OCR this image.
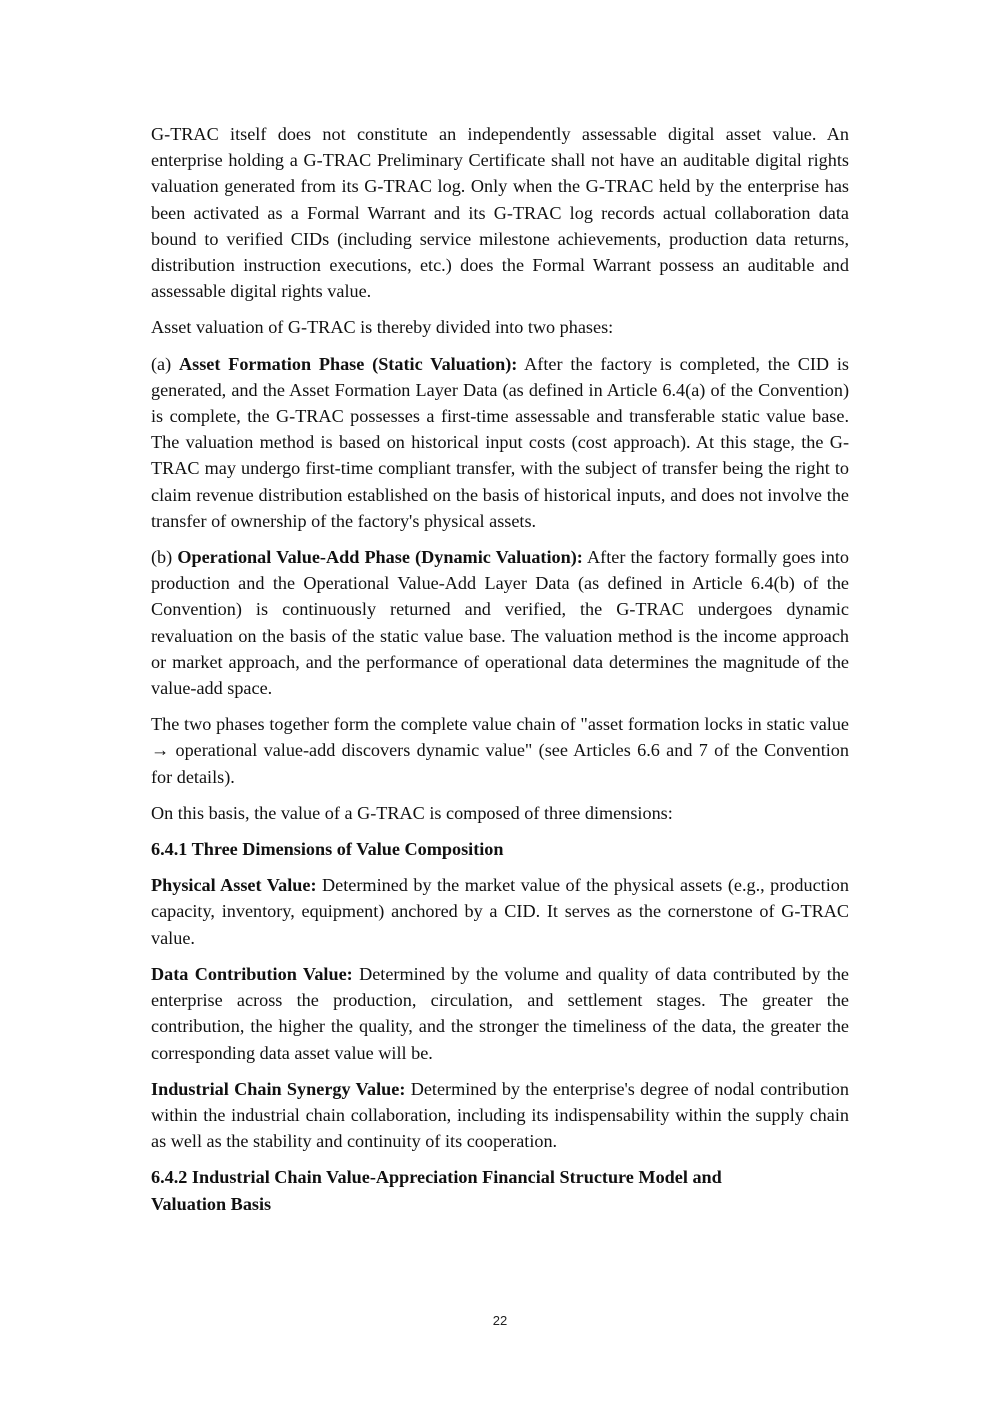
G-TRAC itself does not constitute an independently assessable digital asset value. An enterprise holding a G-TRAC Preliminary Certificate shall not have an auditable digital rights valuation generated from its G-TRAC log. Only when the G-TRAC held by the enterprise has been activated as a Formal Warrant and its G-TRAC log records actual collaboration data bound to verified CIDs (including service milestone achievements, production data returns, distribution instruction executions, etc.) does the Formal Warrant possess an auditable and assessable digital rights value.

Asset valuation of G-TRAC is thereby divided into two phases:

(a) Asset Formation Phase (Static Valuation): After the factory is completed, the CID is generated, and the Asset Formation Layer Data (as defined in Article 6.4(a) of the Convention) is complete, the G-TRAC possesses a first-time assessable and transferable static value base. The valuation method is based on historical input costs (cost approach). At this stage, the G-TRAC may undergo first-time compliant transfer, with the subject of transfer being the right to claim revenue distribution established on the basis of historical inputs, and does not involve the transfer of ownership of the factory's physical assets.

(b) Operational Value-Add Phase (Dynamic Valuation): After the factory formally goes into production and the Operational Value-Add Layer Data (as defined in Article 6.4(b) of the Convention) is continuously returned and verified, the G-TRAC undergoes dynamic revaluation on the basis of the static value base. The valuation method is the income approach or market approach, and the performance of operational data determines the magnitude of the value-add space.

The two phases together form the complete value chain of "asset formation locks in static value → operational value-add discovers dynamic value" (see Articles 6.6 and 7 of the Convention for details).

On this basis, the value of a G-TRAC is composed of three dimensions:

6.4.1 Three Dimensions of Value Composition

Physical Asset Value: Determined by the market value of the physical assets (e.g., production capacity, inventory, equipment) anchored by a CID. It serves as the cornerstone of G-TRAC value.

Data Contribution Value: Determined by the volume and quality of data contributed by the enterprise across the production, circulation, and settlement stages. The greater the contribution, the higher the quality, and the stronger the timeliness of the data, the greater the corresponding data asset value will be.

Industrial Chain Synergy Value: Determined by the enterprise's degree of nodal contribution within the industrial chain collaboration, including its indispensability within the supply chain as well as the stability and continuity of its cooperation.

6.4.2 Industrial Chain Value-Appreciation Financial Structure Model and
Valuation Basis

22
